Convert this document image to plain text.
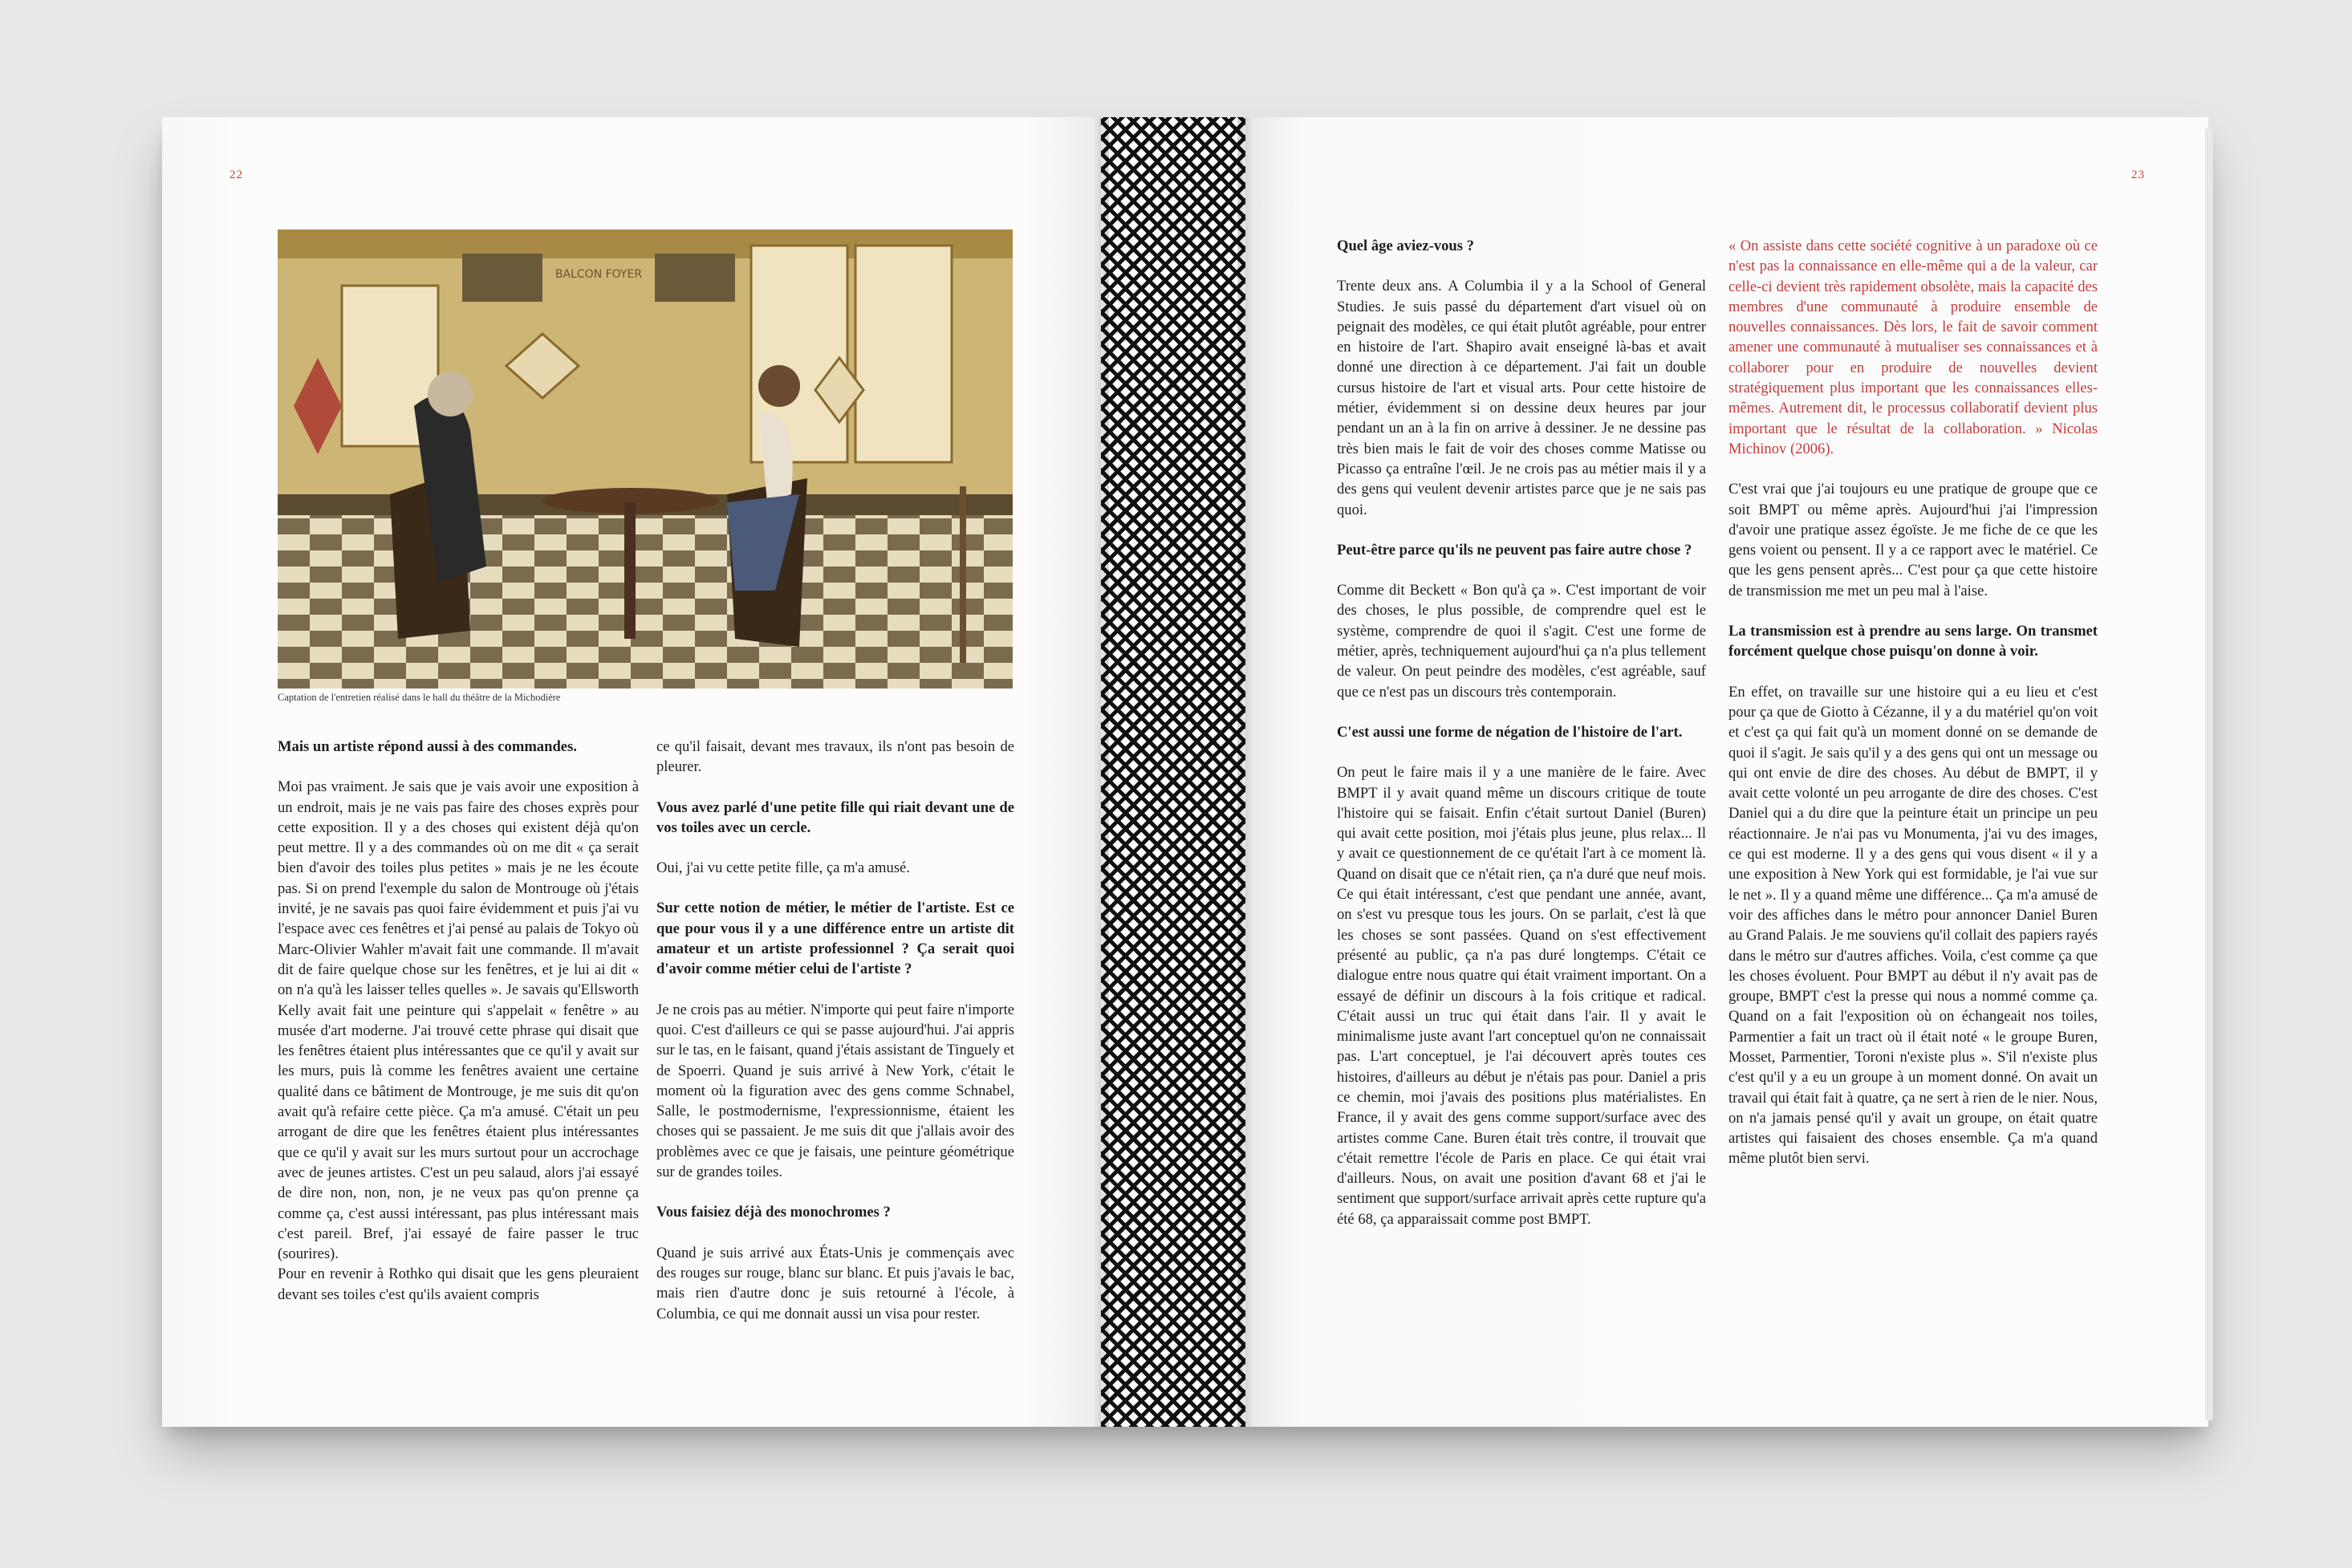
22	23
BALCON FOYER
Captation de l'entretien réalisé dans le hall du théâtre de la Michodière

Mais un artiste répond aussi à des commandes.

Moi pas vraiment. Je sais que je vais avoir une exposition à un endroit, mais je ne vais pas faire des choses exprès pour cette exposition. Il y a des choses qui existent déjà qu'on peut mettre. Il y a des commandes où on me dit « ça serait bien d'avoir des toiles plus petites » mais je ne les écoute pas. Si on prend l'exemple du salon de Montrouge où j'étais invité, je ne savais pas quoi faire évidemment et puis j'ai vu l'espace avec ces fenêtres et j'ai pensé au palais de Tokyo où Marc-Olivier Wahler m'avait fait une commande. Il m'avait dit de faire quelque chose sur les fenêtres, et je lui ai dit « on n'a qu'à les laisser telles quelles ». Je savais qu'Ellsworth Kelly avait fait une peinture qui s'appelait « fenêtre » au musée d'art moderne. J'ai trouvé cette phrase qui disait que les fenêtres étaient plus intéressantes que ce qu'il y avait sur les murs, puis là comme les fenêtres avaient une certaine qualité dans ce bâtiment de Montrouge, je me suis dit qu'on avait qu'à refaire cette pièce. Ça m'a amusé. C'était un peu arrogant de dire que les fenêtres étaient plus intéressantes que ce qu'il y avait sur les murs surtout pour un accrochage avec de jeunes artistes. C'est un peu salaud, alors j'ai essayé de dire non, non, non, je ne veux pas qu'on prenne ça comme ça, c'est aussi intéressant, pas plus intéressant mais c'est pareil. Bref, j'ai essayé de faire passer le truc (sourires).

Pour en revenir à Rothko qui disait que les gens pleuraient devant ses toiles c'est qu'ils avaient compris

ce qu'il faisait, devant mes travaux, ils n'ont pas besoin de pleurer.

Vous avez parlé d'une petite fille qui riait devant une de vos toiles avec un cercle.

Oui, j'ai vu cette petite fille, ça m'a amusé.

Sur cette notion de métier, le métier de l'artiste. Est ce que pour vous il y a une différence entre un artiste dit amateur et un artiste professionnel ? Ça serait quoi d'avoir comme métier celui de l'artiste ?

Je ne crois pas au métier. N'importe qui peut faire n'importe quoi. C'est d'ailleurs ce qui se passe aujourd'hui. J'ai appris sur le tas, en le faisant, quand j'étais assistant de Tinguely et de Spoerri. Quand je suis arrivé à New York, c'était le moment où la figuration avec des gens comme Schnabel, Salle, le postmodernisme, l'expressionnisme, étaient les choses qui se passaient. Je me suis dit que j'allais avoir des problèmes avec ce que je faisais, une peinture géométrique sur de grandes toiles.

Vous faisiez déjà des monochromes ?

Quand je suis arrivé aux États-Unis je commençais avec des rouges sur rouge, blanc sur blanc. Et puis j'avais le bac, mais rien d'autre donc je suis retourné à l'école, à Columbia, ce qui me donnait aussi un visa pour rester.

Quel âge aviez-vous ?

Trente deux ans. A Columbia il y a la School of General Studies. Je suis passé du département d'art visuel où on peignait des modèles, ce qui était plutôt agréable, pour entrer en histoire de l'art. Shapiro avait enseigné là-bas et avait donné une direction à ce département. J'ai fait un double cursus histoire de l'art et visual arts. Pour cette histoire de métier, évidemment si on dessine deux heures par jour pendant un an à la fin on arrive à dessiner. Je ne dessine pas très bien mais le fait de voir des choses comme Matisse ou Picasso ça entraîne l'œil. Je ne crois pas au métier mais il y a des gens qui veulent devenir artistes parce que je ne sais pas quoi.

Peut-être parce qu'ils ne peuvent pas faire autre chose ?

Comme dit Beckett « Bon qu'à ça ». C'est important de voir des choses, le plus possible, de comprendre quel est le système, comprendre de quoi il s'agit. C'est une forme de métier, après, techniquement aujourd'hui ça n'a plus tellement de valeur. On peut peindre des modèles, c'est agréable, sauf que ce n'est pas un discours très contemporain.

C'est aussi une forme de négation de l'histoire de l'art.

On peut le faire mais il y a une manière de le faire. Avec BMPT il y avait quand même un discours critique de toute l'histoire qui se faisait. Enfin c'était surtout Daniel (Buren) qui avait cette position, moi j'étais plus jeune, plus relax... Il y avait ce questionnement de ce qu'était l'art à ce moment là. Quand on disait que ce n'était rien, ça n'a duré que neuf mois. Ce qui était intéressant, c'est que pendant une année, avant, on s'est vu presque tous les jours. On se parlait, c'est là que les choses se sont passées. Quand on s'est effectivement présenté au public, ça n'a pas duré longtemps. C'était ce dialogue entre nous quatre qui était vraiment important. On a essayé de définir un discours à la fois critique et radical. C'était aussi un truc qui était dans l'air. Il y avait le minimalisme juste avant l'art conceptuel qu'on ne connaissait pas. L'art conceptuel, je l'ai découvert après toutes ces histoires, d'ailleurs au début je n'étais pas pour. Daniel a pris ce chemin, moi j'avais des positions plus matérialistes. En France, il y avait des gens comme support/surface avec des artistes comme Cane. Buren était très contre, il trouvait que c'était remettre l'école de Paris en place. Ce qui était vrai d'ailleurs. Nous, on avait une position d'avant 68 et j'ai le sentiment que support/surface arrivait après cette rupture qu'a été 68, ça apparaissait comme post BMPT.

« On assiste dans cette société cognitive à un paradoxe où ce n'est pas la connaissance en elle-même qui a de la valeur, car celle-ci devient très rapidement obsolète, mais la capacité des membres d'une communauté à produire ensemble de nouvelles connaissances. Dès lors, le fait de savoir comment amener une communauté à mutualiser ses connaissances et à collaborer pour en produire de nouvelles devient stratégiquement plus important que les connaissances elles-mêmes. Autrement dit, le processus collaboratif devient plus important que le résultat de la collaboration. » Nicolas Michinov (2006).

C'est vrai que j'ai toujours eu une pratique de groupe que ce soit BMPT ou même après. Aujourd'hui j'ai l'impression d'avoir une pratique assez égoïste. Je me fiche de ce que les gens voient ou pensent. Il y a ce rapport avec le matériel. Ce que les gens pensent après... C'est pour ça que cette histoire de transmission me met un peu mal à l'aise.

La transmission est à prendre au sens large. On transmet forcément quelque chose puisqu'on donne à voir.

En effet, on travaille sur une histoire qui a eu lieu et c'est pour ça que de Giotto à Cézanne, il y a du matériel qu'on voit et c'est ça qui fait qu'à un moment donné on se demande de quoi il s'agit. Je sais qu'il y a des gens qui ont un message ou qui ont envie de dire des choses. Au début de BMPT, il y avait cette volonté un peu arrogante de dire des choses. C'est Daniel qui a du dire que la peinture était un principe un peu réactionnaire. Je n'ai pas vu Monumenta, j'ai vu des images, ce qui est moderne. Il y a des gens qui vous disent « il y a une exposition à New York qui est formidable, je l'ai vue sur le net ». Il y a quand même une différence... Ça m'a amusé de voir des affiches dans le métro pour annoncer Daniel Buren au Grand Palais. Je me souviens qu'il collait des papiers rayés dans le métro sur d'autres affiches. Voila, c'est comme ça que les choses évoluent. Pour BMPT au début il n'y avait pas de groupe, BMPT c'est la presse qui nous a nommé comme ça. Quand on a fait l'exposition où on échangeait nos toiles, Parmentier a fait un tract où il était noté « le groupe Buren, Mosset, Parmentier, Toroni n'existe plus ». S'il n'existe plus c'est qu'il y a eu un groupe à un moment donné. On avait un travail qui était fait à quatre, ça ne sert à rien de le nier. Nous, on n'a jamais pensé qu'il y avait un groupe, on était quatre artistes qui faisaient des choses ensemble. Ça m'a quand même plutôt bien servi.
